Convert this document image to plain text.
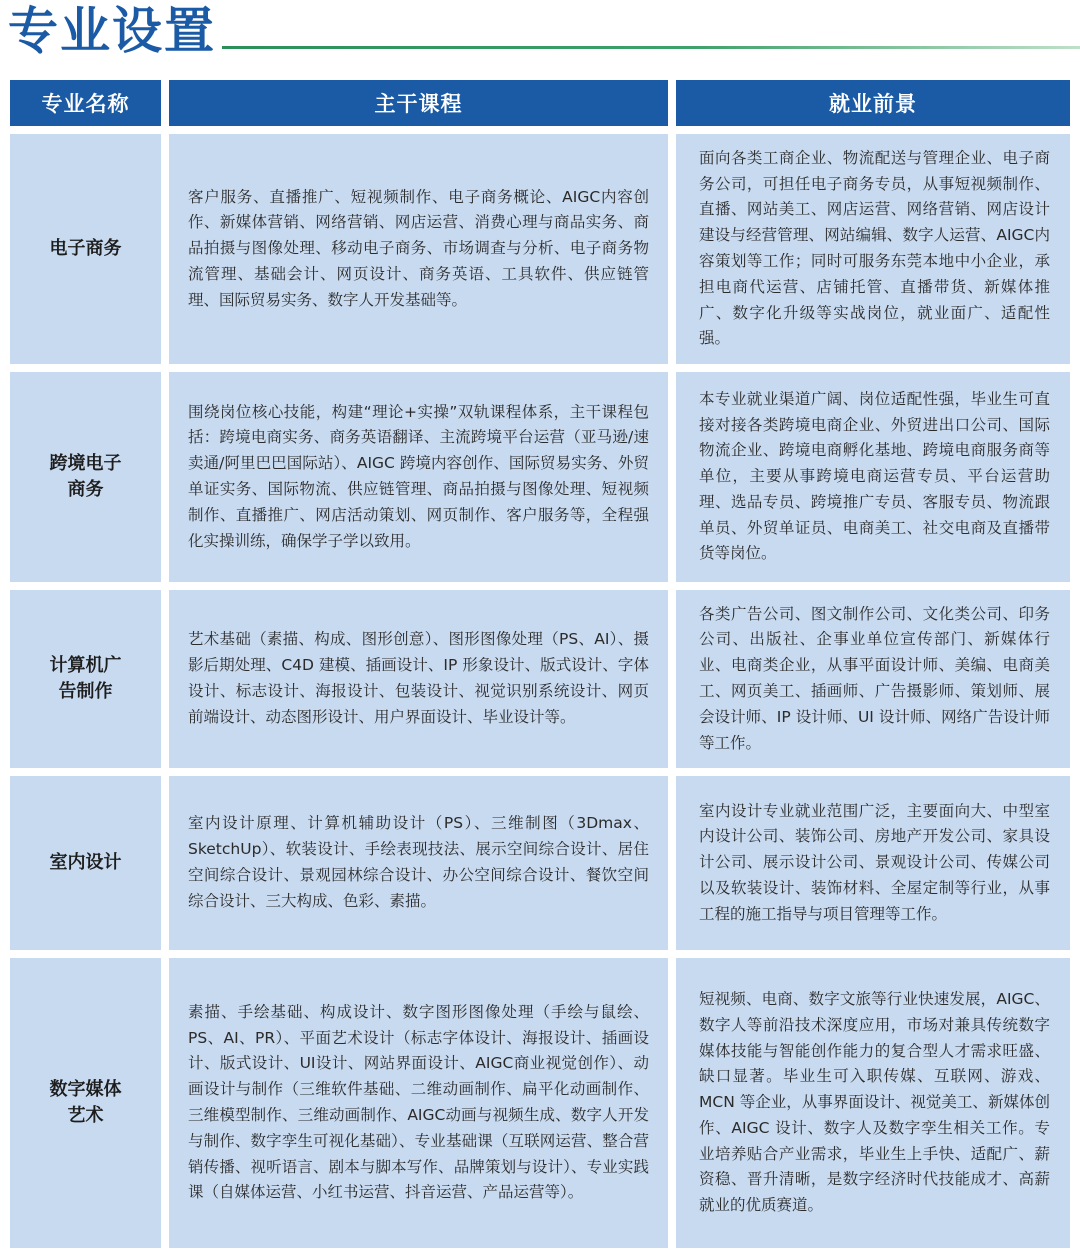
专业设置
专业名称	主干课程	就业前景
电子商务
客户服务、直播推广、短视频制作、电子商务概论、AIGC内容创作、新媒体营销、网络营销、网店运营、消费心理与商品实务、商品拍摄与图像处理、移动电子商务、市场调查与分析、电子商务物流管理、基础会计、网页设计、商务英语、工具软件、供应链管理、国际贸易实务、数字人开发基础等。
面向各类工商企业、物流配送与管理企业、电子商务公司，可担任电子商务专员，从事短视频制作、直播、网站美工、网店运营、网络营销、网店设计建设与经营管理、网站编辑、数字人运营、AIGC内容策划等工作；同时可服务东莞本地中小企业，承担电商代运营、店铺托管、直播带货、新媒体推广、数字化升级等实战岗位，就业面广、适配性强。
跨境电子商务
围绕岗位核心技能，构建“理论+实操”双轨课程体系，主干课程包括：跨境电商实务、商务英语翻译、主流跨境平台运营（亚马逊/速卖通/阿里巴巴国际站）、AIGC 跨境内容创作、国际贸易实务、外贸单证实务、国际物流、供应链管理、商品拍摄与图像处理、短视频制作、直播推广、网店活动策划、网页制作、客户服务等，全程强化实操训练，确保学子学以致用。
本专业就业渠道广阔、岗位适配性强，毕业生可直接对接各类跨境电商企业、外贸进出口公司、国际物流企业、跨境电商孵化基地、跨境电商服务商等单位，主要从事跨境电商运营专员、平台运营助理、选品专员、跨境推广专员、客服专员、物流跟单员、外贸单证员、电商美工、社交电商及直播带货等岗位。
计算机广告制作
艺术基础（素描、构成、图形创意）、图形图像处理（PS、AI）、摄影后期处理、C4D 建模、插画设计、IP 形象设计、版式设计、字体设计、标志设计、海报设计、包装设计、视觉识别系统设计、网页前端设计、动态图形设计、用户界面设计、毕业设计等。
各类广告公司、图文制作公司、文化类公司、印务公司、出版社、企事业单位宣传部门、新媒体行业、电商类企业，从事平面设计师、美编、电商美工、网页美工、插画师、广告摄影师、策划师、展会设计师、IP 设计师、UI 设计师、网络广告设计师等工作。
室内设计
室内设计原理、计算机辅助设计（PS）、三维制图（3Dmax、SketchUp）、软装设计、手绘表现技法、展示空间综合设计、居住空间综合设计、景观园林综合设计、办公空间综合设计、餐饮空间综合设计、三大构成、色彩、素描。
室内设计专业就业范围广泛，主要面向大、中型室内设计公司、装饰公司、房地产开发公司、家具设计公司、展示设计公司、景观设计公司、传媒公司以及软装设计、装饰材料、全屋定制等行业，从事工程的施工指导与项目管理等工作。
数字媒体艺术
素描、手绘基础、构成设计、数字图形图像处理（手绘与鼠绘、PS、AI、PR）、平面艺术设计（标志字体设计、海报设计、插画设计、版式设计、UI设计、网站界面设计、AIGC商业视觉创作）、动画设计与制作（三维软件基础、二维动画制作、扁平化动画制作、三维模型制作、三维动画制作、AIGC动画与视频生成、数字人开发与制作、数字孪生可视化基础）、专业基础课（互联网运营、整合营销传播、视听语言、剧本与脚本写作、品牌策划与设计）、专业实践课（自媒体运营、小红书运营、抖音运营、产品运营等）。
短视频、电商、数字文旅等行业快速发展，AIGC、数字人等前沿技术深度应用，市场对兼具传统数字媒体技能与智能创作能力的复合型人才需求旺盛、缺口显著。毕业生可入职传媒、互联网、游戏、MCN 等企业，从事界面设计、视觉美工、新媒体创作、AIGC 设计、数字人及数字孪生相关工作。专业培养贴合产业需求，毕业生上手快、适配广、薪资稳、晋升清晰，是数字经济时代技能成才、高薪就业的优质赛道。
